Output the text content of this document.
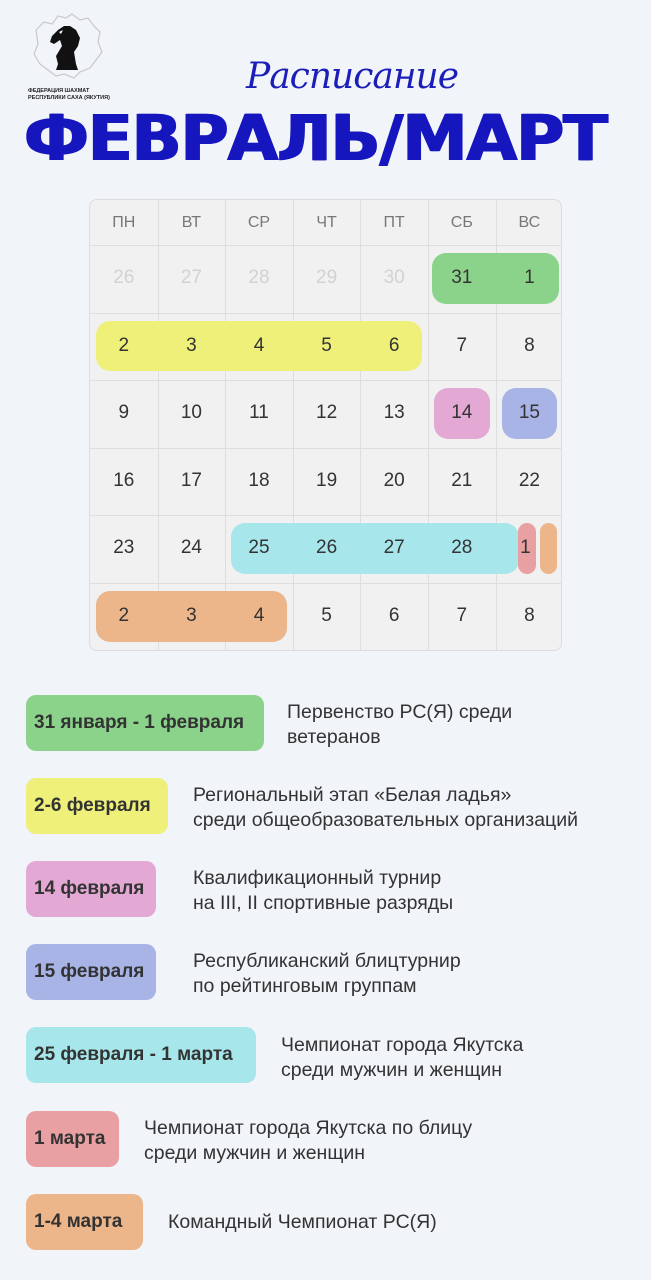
ФЕДЕРАЦИЯ ШАХМАТ
РЕСПУБЛИКИ САХА (ЯКУТИЯ)
Расписание
ФЕВРАЛЬ/МАРТ
ПН	ВТ	СР	ЧТ	ПТ	СБ	ВС
26	27	28	29	30	31	1
2	3	4	5	6	7	8
9	10	11	12	13	14	15
16	17	18	19	20	21	22
23	24	25	26	27	28	1
2	3	4	5	6	7	8
31 января - 1 февраля	Первенство РС(Я) среди
ветеранов
2-6 февраля	Региональный этап «Белая ладья»
среди общеобразовательных организаций
14 февраля	Квалификационный турнир
на III, II спортивные разряды
15 февраля	Республиканский блицтурнир
по рейтинговым группам
25 февраля - 1 марта	Чемпионат города Якутска
среди мужчин и женщин
1 марта	Чемпионат города Якутска по блицу
среди мужчин и женщин
1-4 марта	Командный Чемпионат РС(Я)
